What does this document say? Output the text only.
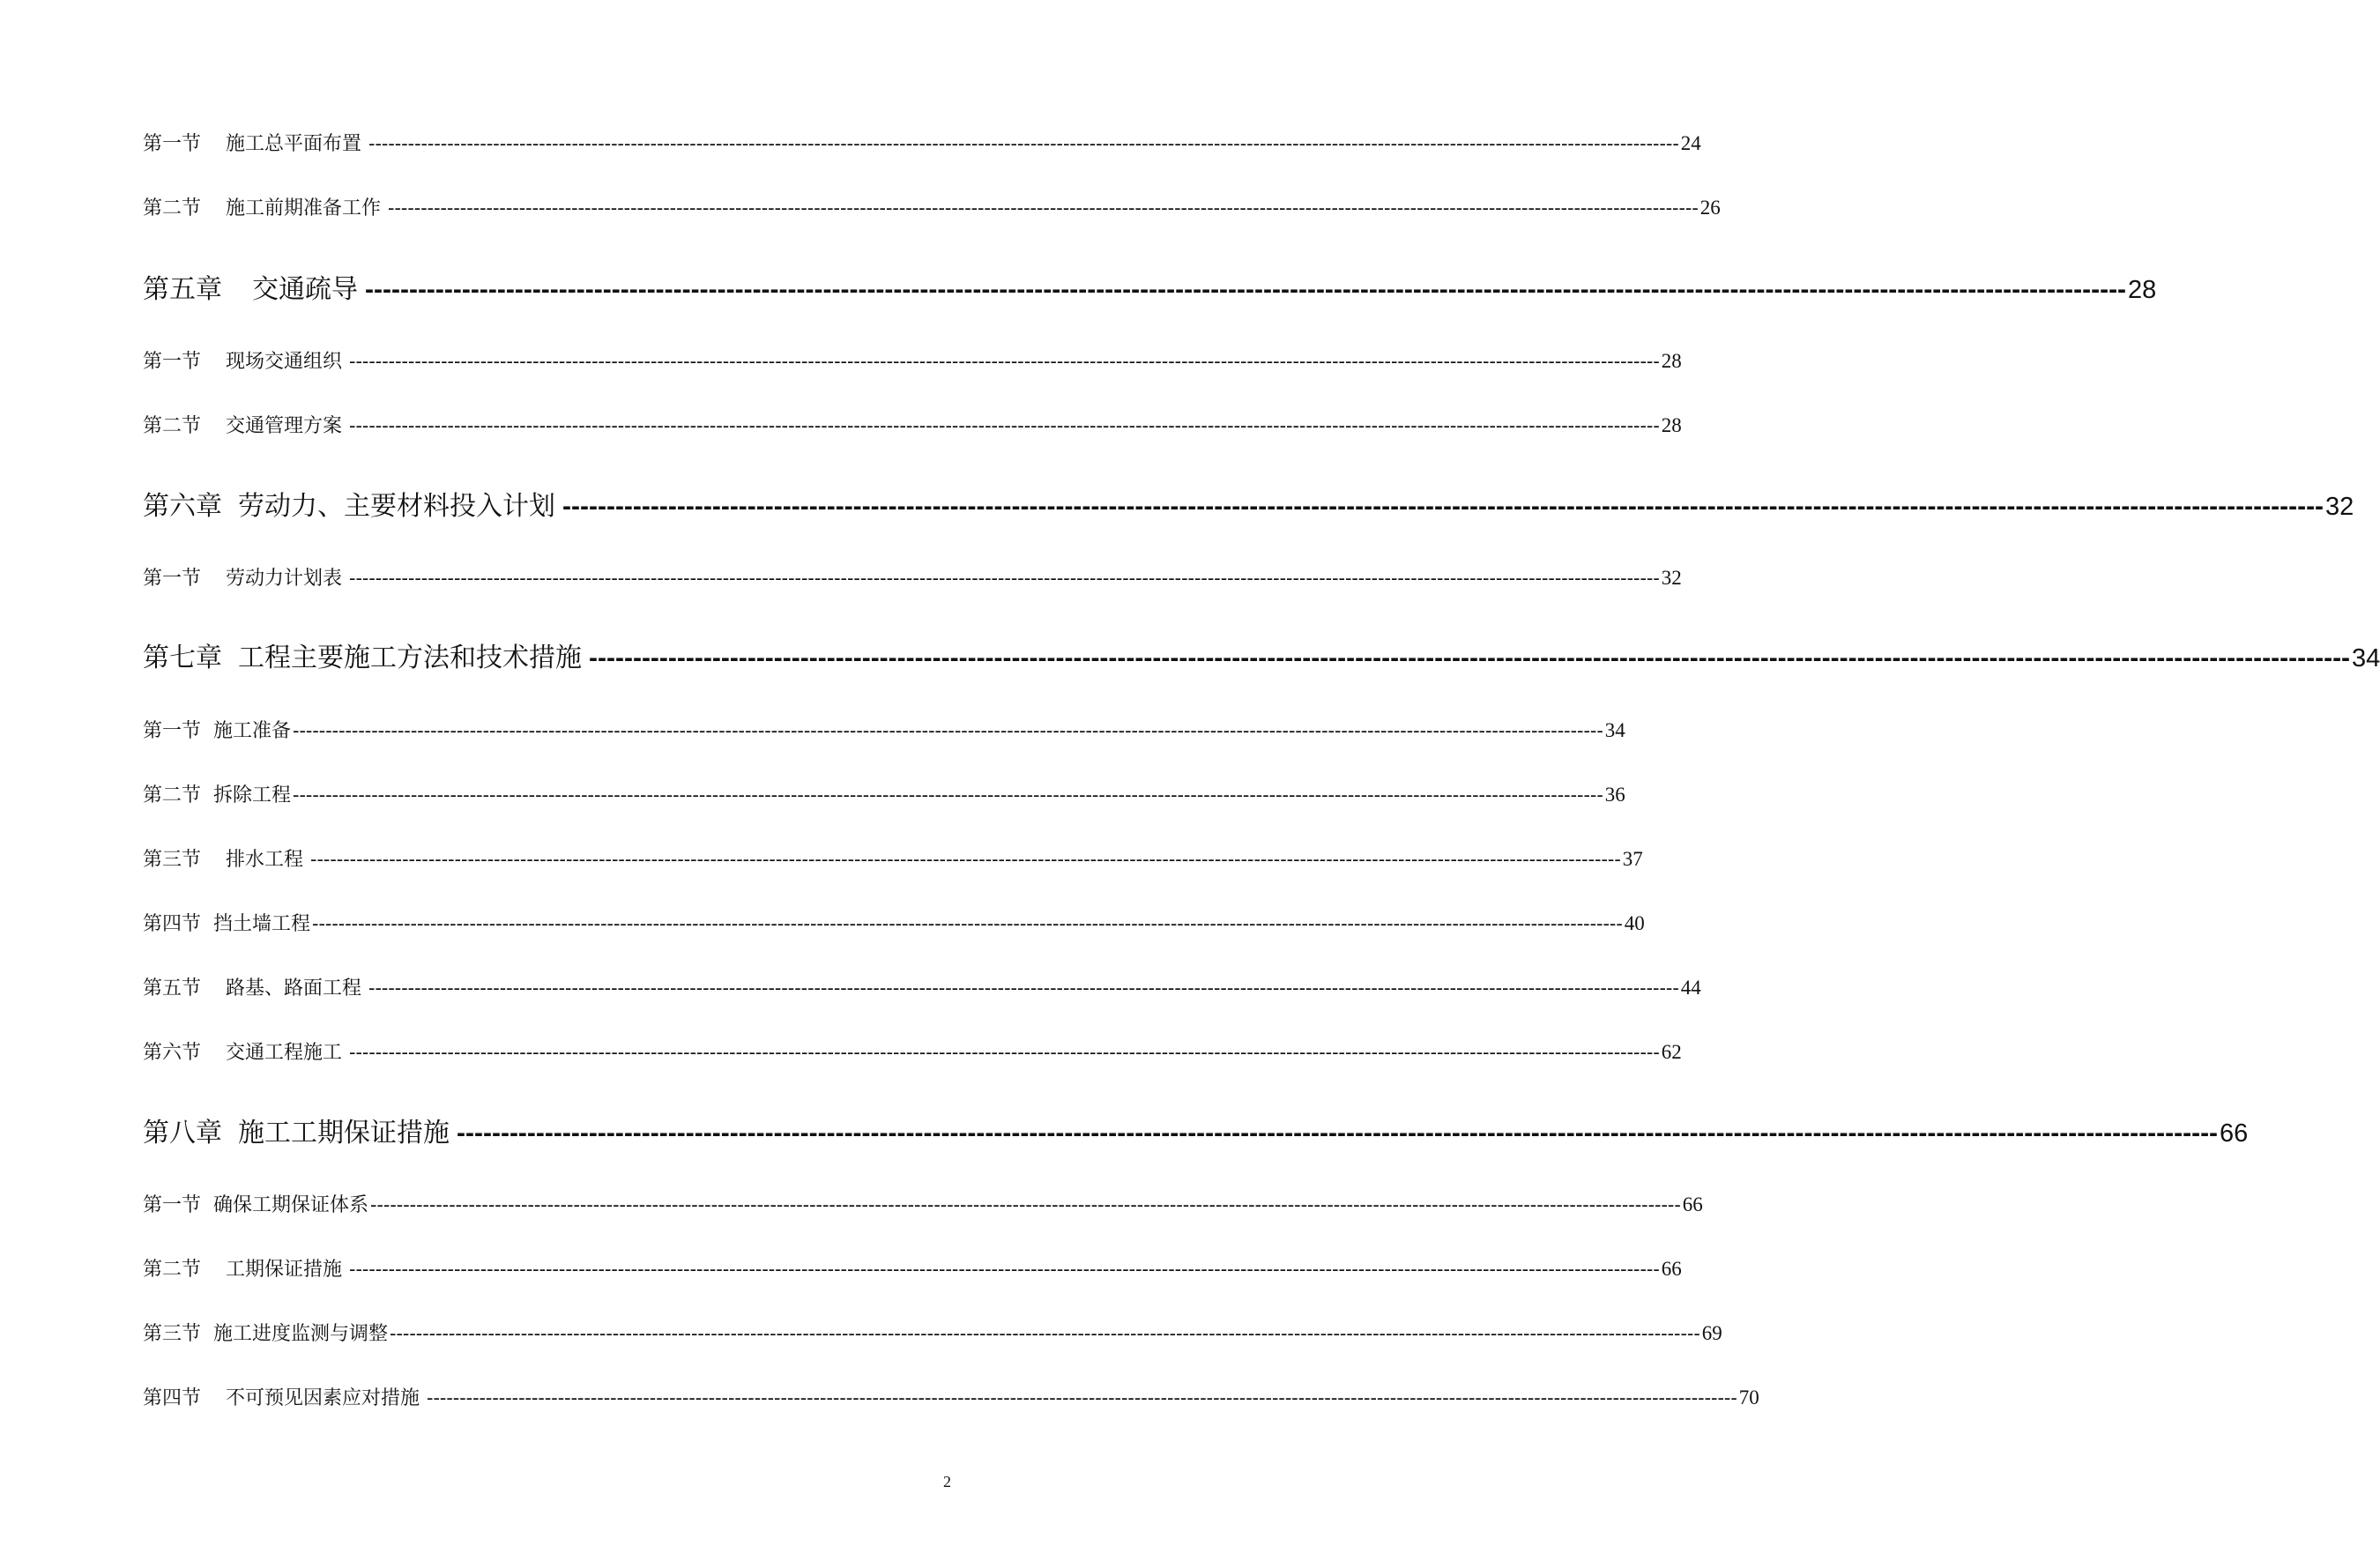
第一节 施工总平面布置 -------------------------------------------------------------------------------------------------------------------------------------------------------------------------------------------------------- 24
第二节 施工前期准备工作 -------------------------------------------------------------------------------------------------------------------------------------------------------------------------------------------------------- 26
第五章 交通疏导 -------------------------------------------------------------------------------------------------------------------------------------------------------------------------------------------------------- 28
第一节 现场交通组织 -------------------------------------------------------------------------------------------------------------------------------------------------------------------------------------------------------- 28
第二节 交通管理方案 -------------------------------------------------------------------------------------------------------------------------------------------------------------------------------------------------------- 28
第六章 劳动力、主要材料投入计划 -------------------------------------------------------------------------------------------------------------------------------------------------------------------------------------------------------- 32
第一节 劳动力计划表 -------------------------------------------------------------------------------------------------------------------------------------------------------------------------------------------------------- 32
第七章 工程主要施工方法和技术措施 -------------------------------------------------------------------------------------------------------------------------------------------------------------------------------------------------------- 34
第一节 施工准备 -------------------------------------------------------------------------------------------------------------------------------------------------------------------------------------------------------- 34
第二节 拆除工程 -------------------------------------------------------------------------------------------------------------------------------------------------------------------------------------------------------- 36
第三节 排水工程 -------------------------------------------------------------------------------------------------------------------------------------------------------------------------------------------------------- 37
第四节 挡土墙工程 -------------------------------------------------------------------------------------------------------------------------------------------------------------------------------------------------------- 40
第五节 路基、路面工程 -------------------------------------------------------------------------------------------------------------------------------------------------------------------------------------------------------- 44
第六节 交通工程施工 -------------------------------------------------------------------------------------------------------------------------------------------------------------------------------------------------------- 62
第八章 施工工期保证措施 -------------------------------------------------------------------------------------------------------------------------------------------------------------------------------------------------------- 66
第一节 确保工期保证体系 -------------------------------------------------------------------------------------------------------------------------------------------------------------------------------------------------------- 66
第二节 工期保证措施 -------------------------------------------------------------------------------------------------------------------------------------------------------------------------------------------------------- 66
第三节 施工进度监测与调整 -------------------------------------------------------------------------------------------------------------------------------------------------------------------------------------------------------- 69
第四节 不可预见因素应对措施 -------------------------------------------------------------------------------------------------------------------------------------------------------------------------------------------------------- 70
2
